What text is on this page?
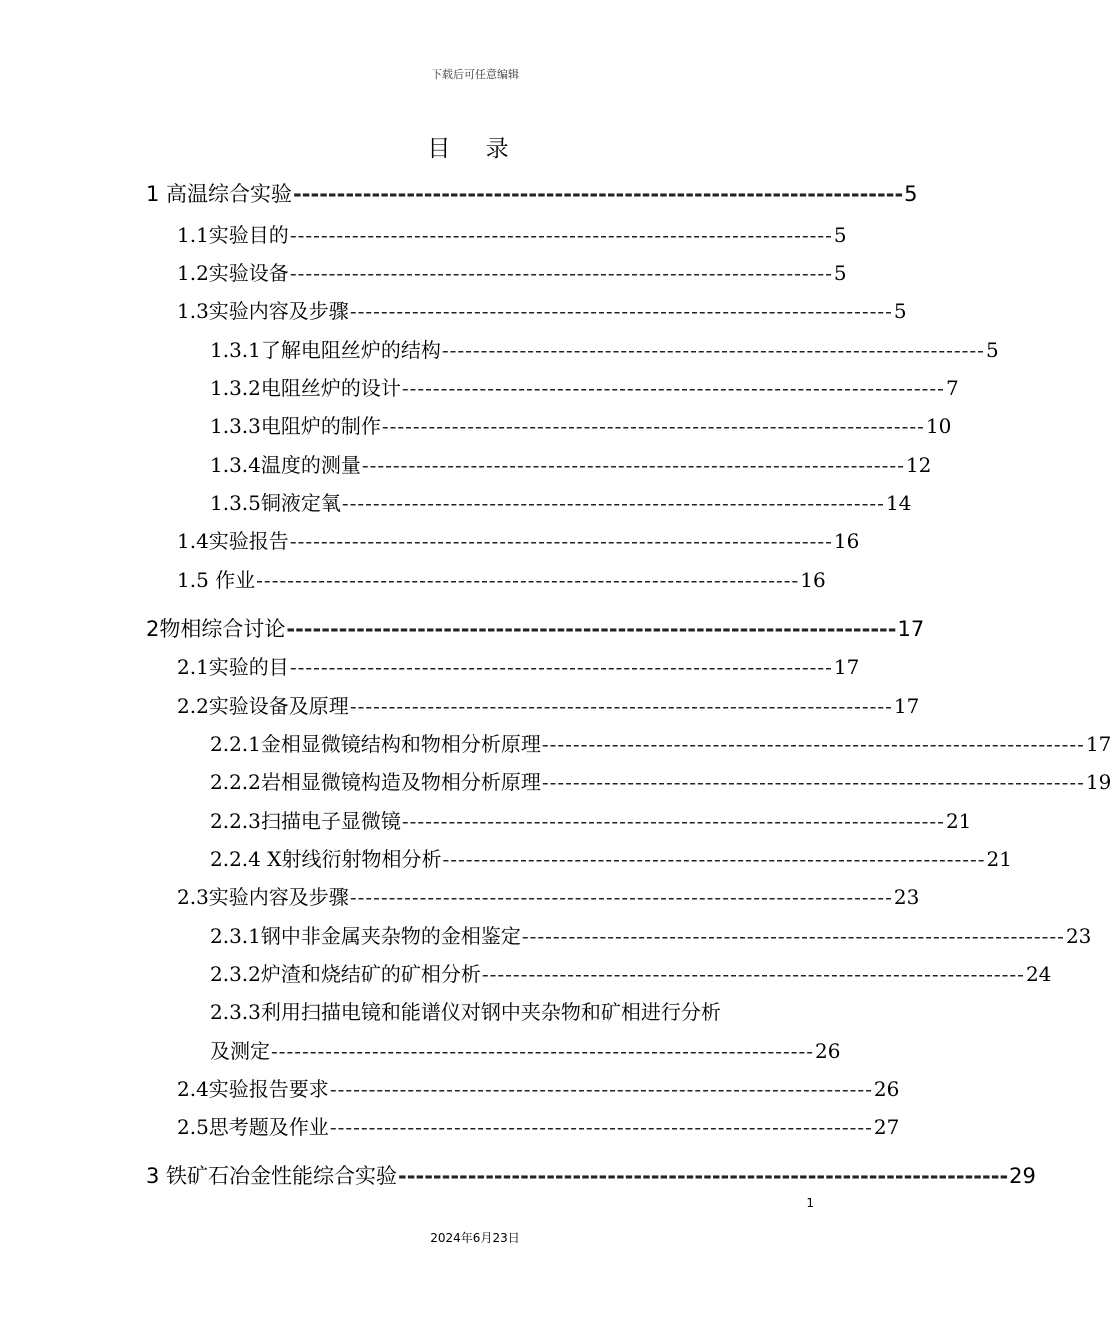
下载后可任意编辑
目 录
1 高温综合实验 ---------------------------------------------------------------------- 5
1.1实验目的 ---------------------------------------------------------------------- 5
1.2实验设备 ---------------------------------------------------------------------- 5
1.3实验内容及步骤 ---------------------------------------------------------------------- 5
1.3.1了解电阻丝炉的结构 ---------------------------------------------------------------------- 5
1.3.2电阻丝炉的设计 ---------------------------------------------------------------------- 7
1.3.3电阻炉的制作 ---------------------------------------------------------------------- 10
1.3.4温度的测量 ---------------------------------------------------------------------- 12
1.3.5铜液定氧 ---------------------------------------------------------------------- 14
1.4实验报告 ---------------------------------------------------------------------- 16
1.5 作业 ---------------------------------------------------------------------- 16
2物相综合讨论 ---------------------------------------------------------------------- 17
2.1实验的目 ---------------------------------------------------------------------- 17
2.2实验设备及原理 ---------------------------------------------------------------------- 17
2.2.1金相显微镜结构和物相分析原理 ---------------------------------------------------------------------- 17
2.2.2岩相显微镜构造及物相分析原理 ---------------------------------------------------------------------- 19
2.2.3扫描电子显微镜 ---------------------------------------------------------------------- 21
2.2.4 X射线衍射物相分析 ---------------------------------------------------------------------- 21
2.3实验内容及步骤 ---------------------------------------------------------------------- 23
2.3.1钢中非金属夹杂物的金相鉴定 ---------------------------------------------------------------------- 23
2.3.2炉渣和烧结矿的矿相分析 ---------------------------------------------------------------------- 24
2.3.3利用扫描电镜和能谱仪对钢中夹杂物和矿相进行分析
及测定 ---------------------------------------------------------------------- 26
2.4实验报告要求 ---------------------------------------------------------------------- 26
2.5思考题及作业 ---------------------------------------------------------------------- 27
3 铁矿石冶金性能综合实验 ---------------------------------------------------------------------- 29
1
2024年6月23日
